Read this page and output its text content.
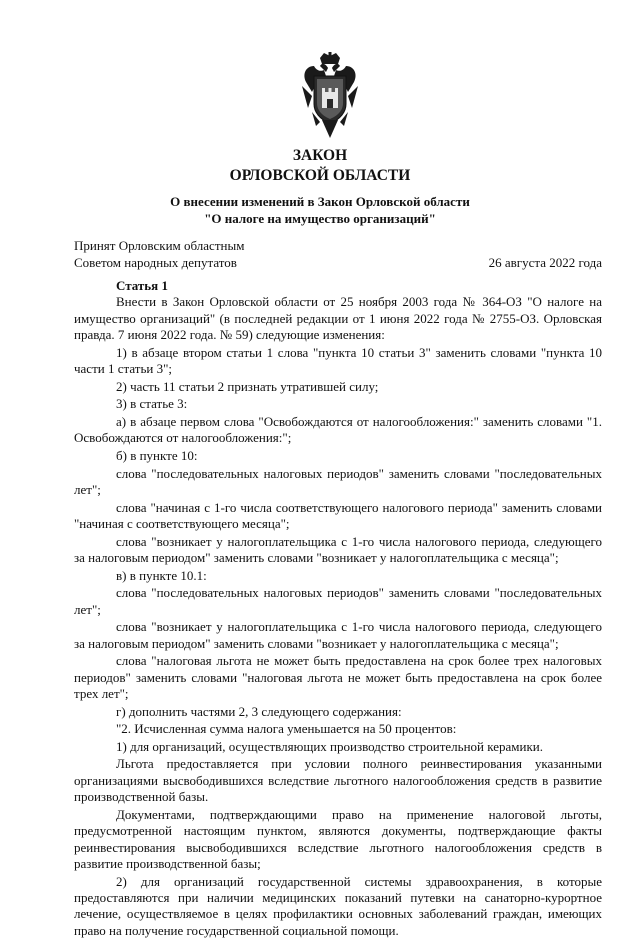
ЗАКОН
ОРЛОВСКОЙ ОБЛАСТИ
О внесении изменений в Закон Орловской области
"О налоге на имущество организаций"
Принят Орловским областным
Советом народных депутатов	26 августа 2022 года

Статья 1

Внести в Закон Орловской области от 25 ноября 2003 года № 364-ОЗ "О налоге на имущество организаций" (в последней редакции от 1 июня 2022 года № 2755-ОЗ. Орловская правда. 7 июня 2022 года. № 59) следующие изменения:

1) в абзаце втором статьи 1 слова "пункта 10 статьи 3" заменить словами "пункта 10 части 1 статьи 3";

2) часть 11 статьи 2 признать утратившей силу;

3) в статье 3:

а) в абзаце первом слова "Освобождаются от налогообложения:" заменить словами "1. Освобождаются от налогообложения:";

б) в пункте 10:

слова "последовательных налоговых периодов" заменить словами "последовательных лет";

слова "начиная с 1-го числа соответствующего налогового периода" заменить словами "начиная с соответствующего месяца";

слова "возникает у налогоплательщика с 1-го числа налогового периода, следующего за налоговым периодом" заменить словами "возникает у налогоплательщика с месяца";

в) в пункте 10.1:

слова "последовательных налоговых периодов" заменить словами "последовательных лет";

слова "возникает у налогоплательщика с 1-го числа налогового периода, следующего за налоговым периодом" заменить словами "возникает у налогоплательщика с месяца";

слова "налоговая льгота не может быть предоставлена на срок более трех налоговых периодов" заменить словами "налоговая льгота не может быть предоставлена на срок более трех лет";

г) дополнить частями 2, 3 следующего содержания:

"2. Исчисленная сумма налога уменьшается на 50 процентов:

1) для организаций, осуществляющих производство строительной керамики.

Льгота предоставляется при условии полного реинвестирования указанными организациями высвободившихся вследствие льготного налогообложения средств в развитие производственной базы.

Документами, подтверждающими право на применение налоговой льготы, предусмотренной настоящим пунктом, являются документы, подтверждающие факты реинвестирования высвободившихся вследствие льготного налогообложения средств в развитие производственной базы;

2) для организаций государственной системы здравоохранения, в которые предоставляются при наличии медицинских показаний путевки на санаторно-курортное лечение, осуществляемое в целях профилактики основных заболеваний граждан, имеющих право на получение государственной социальной помощи.
